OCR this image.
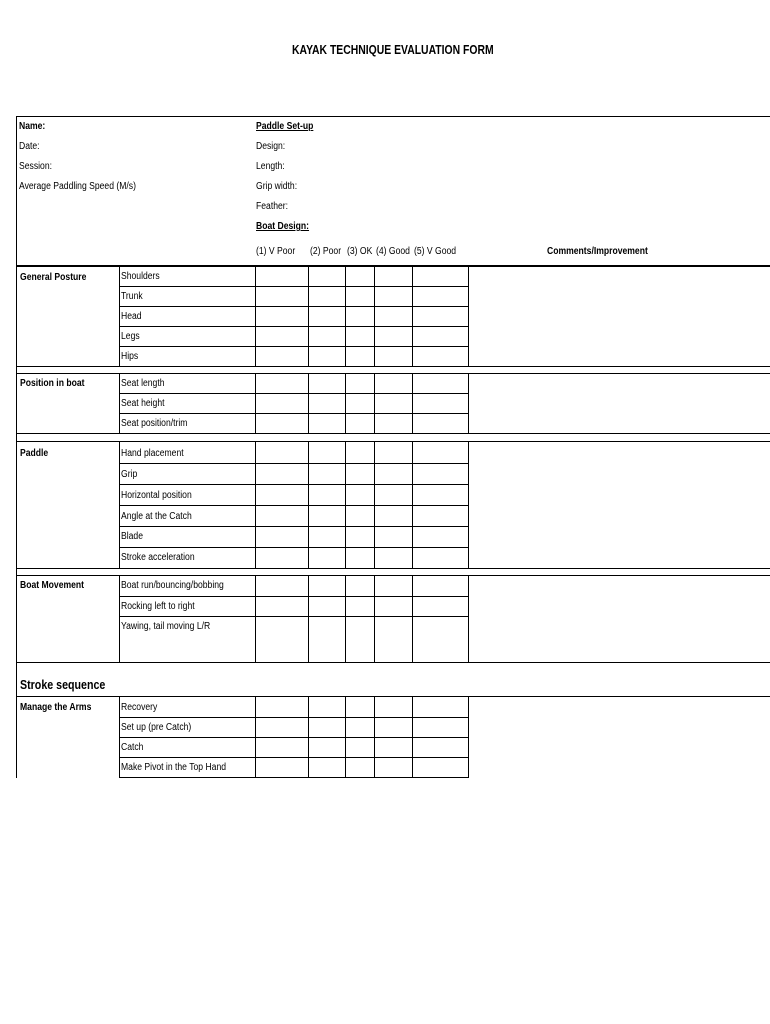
KAYAK TECHNIQUE EVALUATION FORM
Name:
Date:
Session:
Average Paddling Speed (M/s)
Paddle Set-up
Design:
Length:
Grip width:
Feather:
Boat Design:
(1) V Poor (2) Poor (3) OK (4) Good (5) V Good	Comments/Improvement
General Posture
Position in boat
Paddle
Boat Movement
Stroke sequence
Manage the Arms
Shoulders
Trunk
Head
Legs
Hips
Seat length
Seat height
Seat position/trim
Hand placement
Grip
Horizontal position
Angle at the Catch
Blade
Stroke acceleration
Boat run/bouncing/bobbing
Rocking left to right
Yawing, tail moving L/R
Recovery
Set up (pre Catch)
Catch
Make Pivot in the Top Hand
